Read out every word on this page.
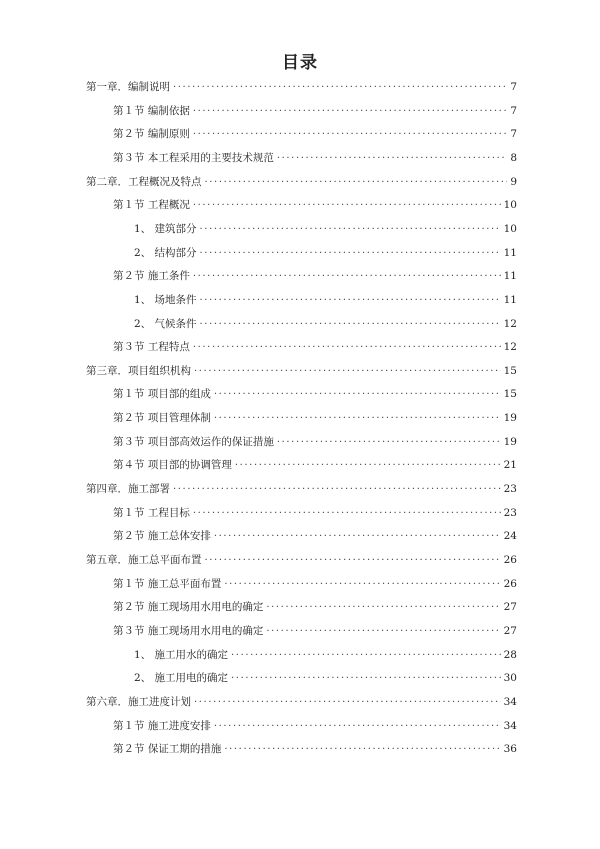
目录
第一章．编制说明 ·····	7
第１节 编制依据 ·····	7
第２节 编制原则 ·····	7
第３节 本工程采用的主要技术规范 ·····	8
第二章．工程概况及特点 ·····	9
第１节 工程概况 ·····	10
1、 建筑部分 ·····	10
2、 结构部分 ·····	11
第２节 施工条件 ·····	11
1、 场地条件 ·····	11
2、 气候条件 ·····	12
第３节 工程特点 ·····	12
第三章．项目组织机构 ·····	15
第１节 项目部的组成 ·····	15
第２节 项目管理体制 ·····	19
第３节 项目部高效运作的保证措施 ·····	19
第４节 项目部的协调管理 ·····	21
第四章．施工部署 ·····	23
第１节 工程目标 ·····	23
第２节 施工总体安排 ·····	24
第五章．施工总平面布置 ·····	26
第１节 施工总平面布置 ·····	26
第２节 施工现场用水用电的确定 ·····	27
第３节 施工现场用水用电的确定 ·····	27
1、 施工用水的确定 ·····	28
2、 施工用电的确定 ·····	30
第六章．施工进度计划 ·····	34
第１节 施工进度安排 ·····	34
第２节 保证工期的措施 ·····	36
